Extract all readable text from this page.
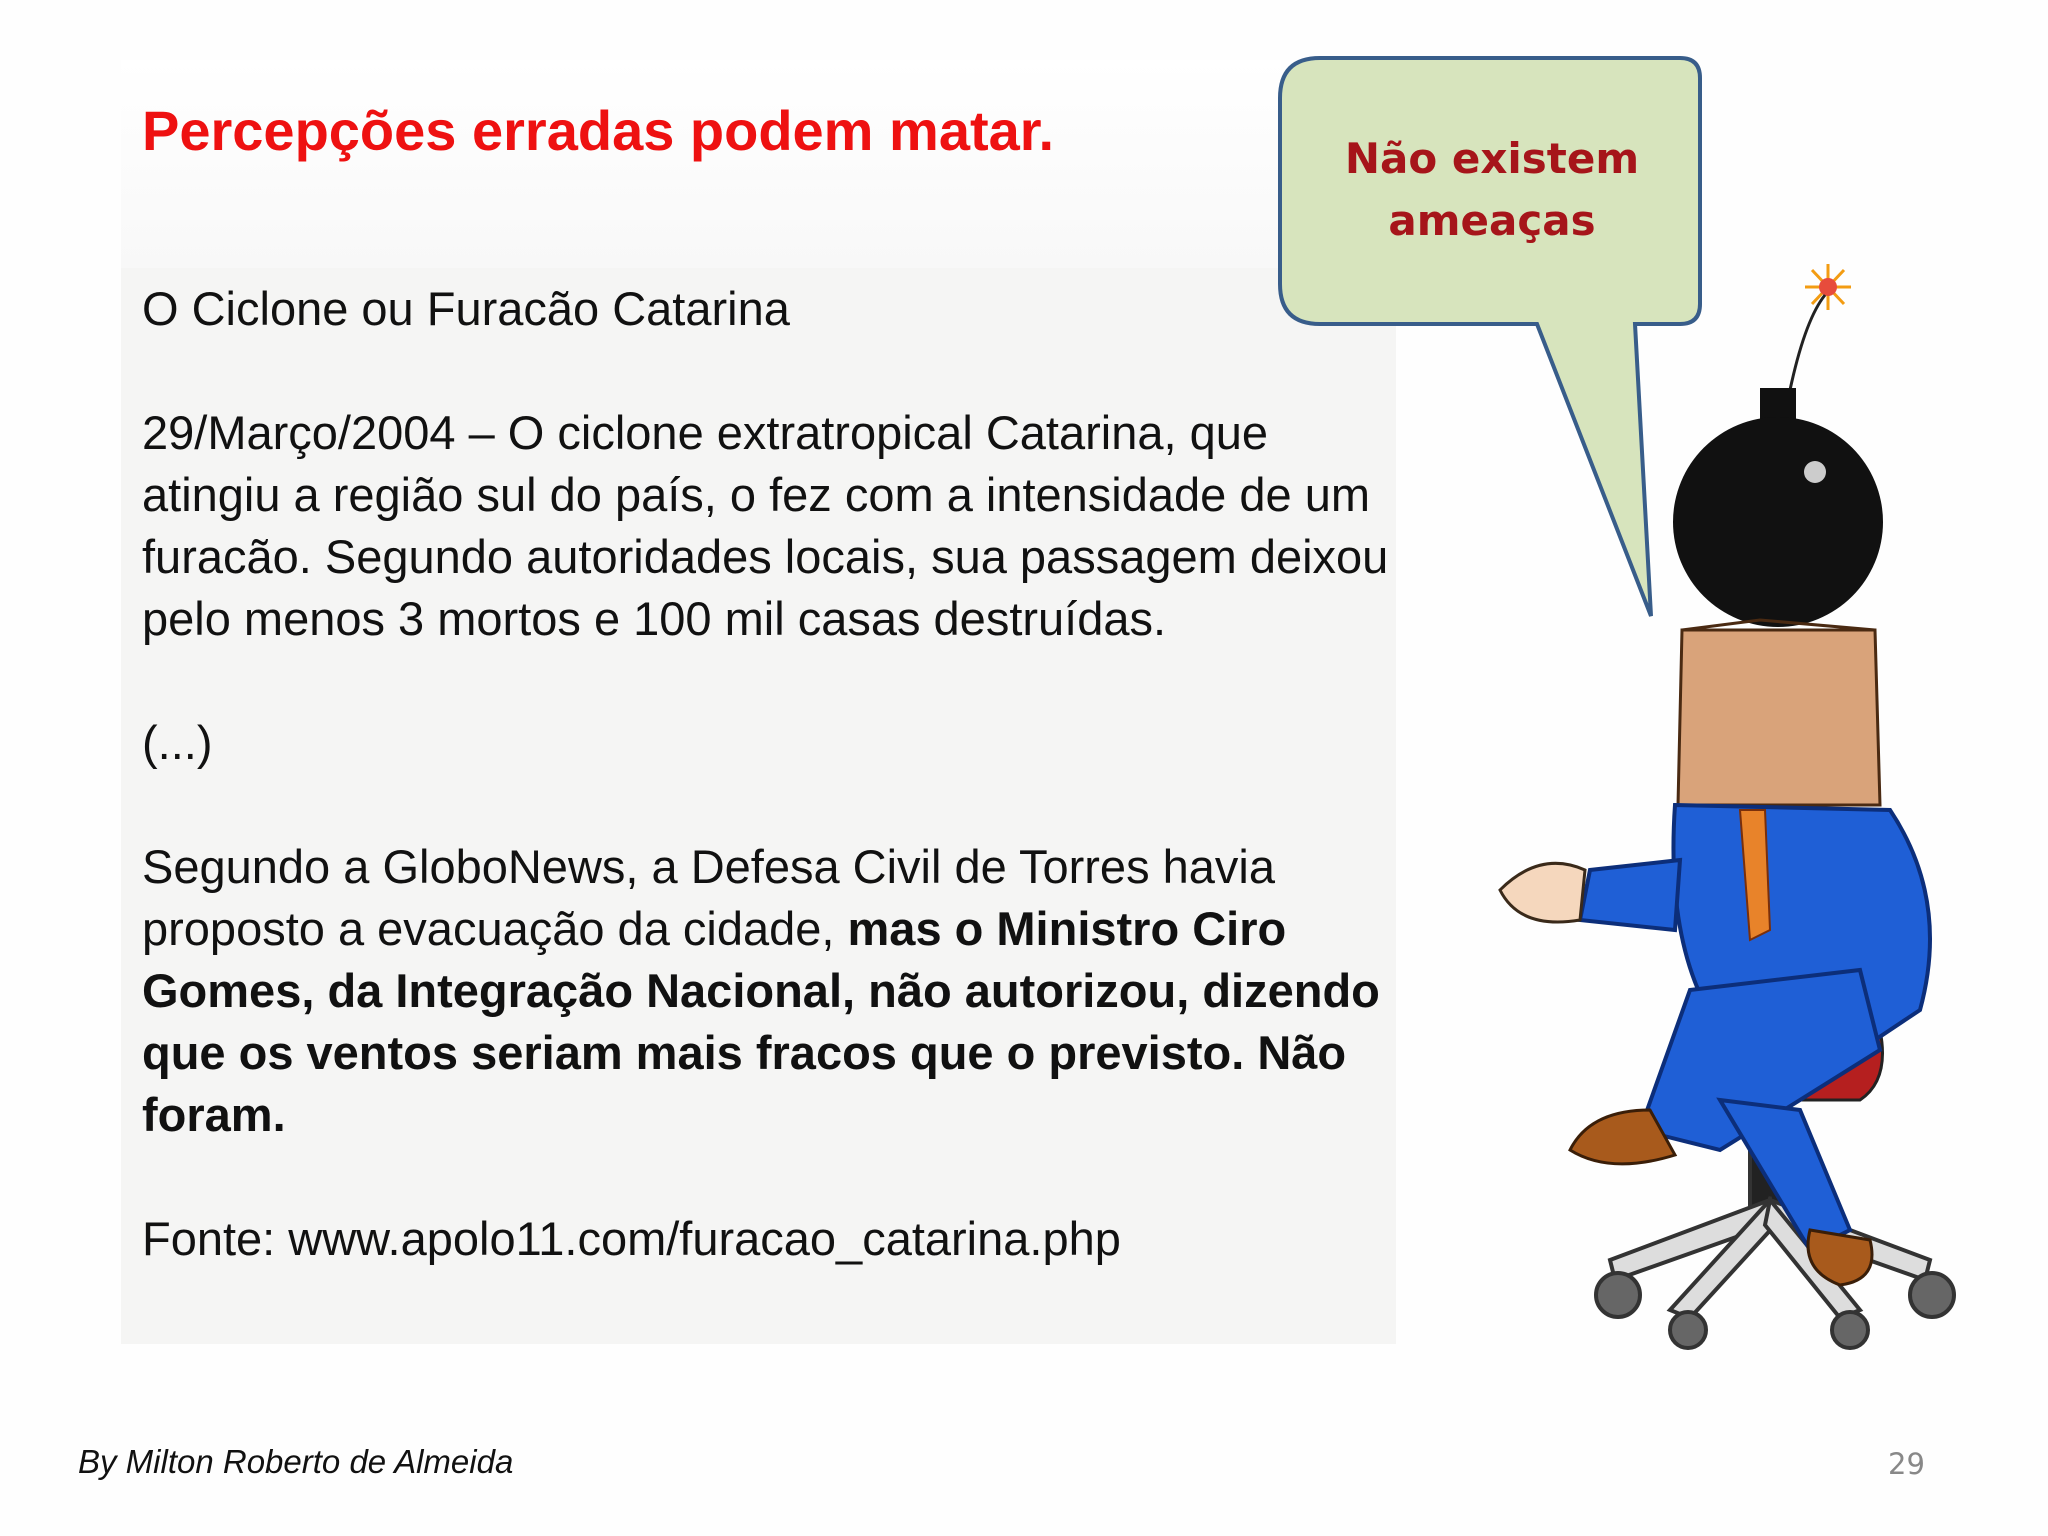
Percepções erradas podem matar.

O Ciclone ou Furacão Catarina

29/Março/2004 – O ciclone extratropical Catarina, que atingiu a região sul do país, o fez com a intensidade de um furacão. Segundo autoridades locais, sua passagem deixou pelo menos 3 mortos e 100 mil casas destruídas.

(...)

Segundo a GloboNews, a Defesa Civil de Torres havia proposto a evacuação da cidade, mas o Ministro Ciro Gomes, da Integração Nacional, não autorizou, dizendo que os ventos seriam mais fracos que o previsto. Não foram.

Fonte: www.apolo11.com/furacao_catarina.php

Não existem
ameaças
By Milton Roberto de Almeida	29
